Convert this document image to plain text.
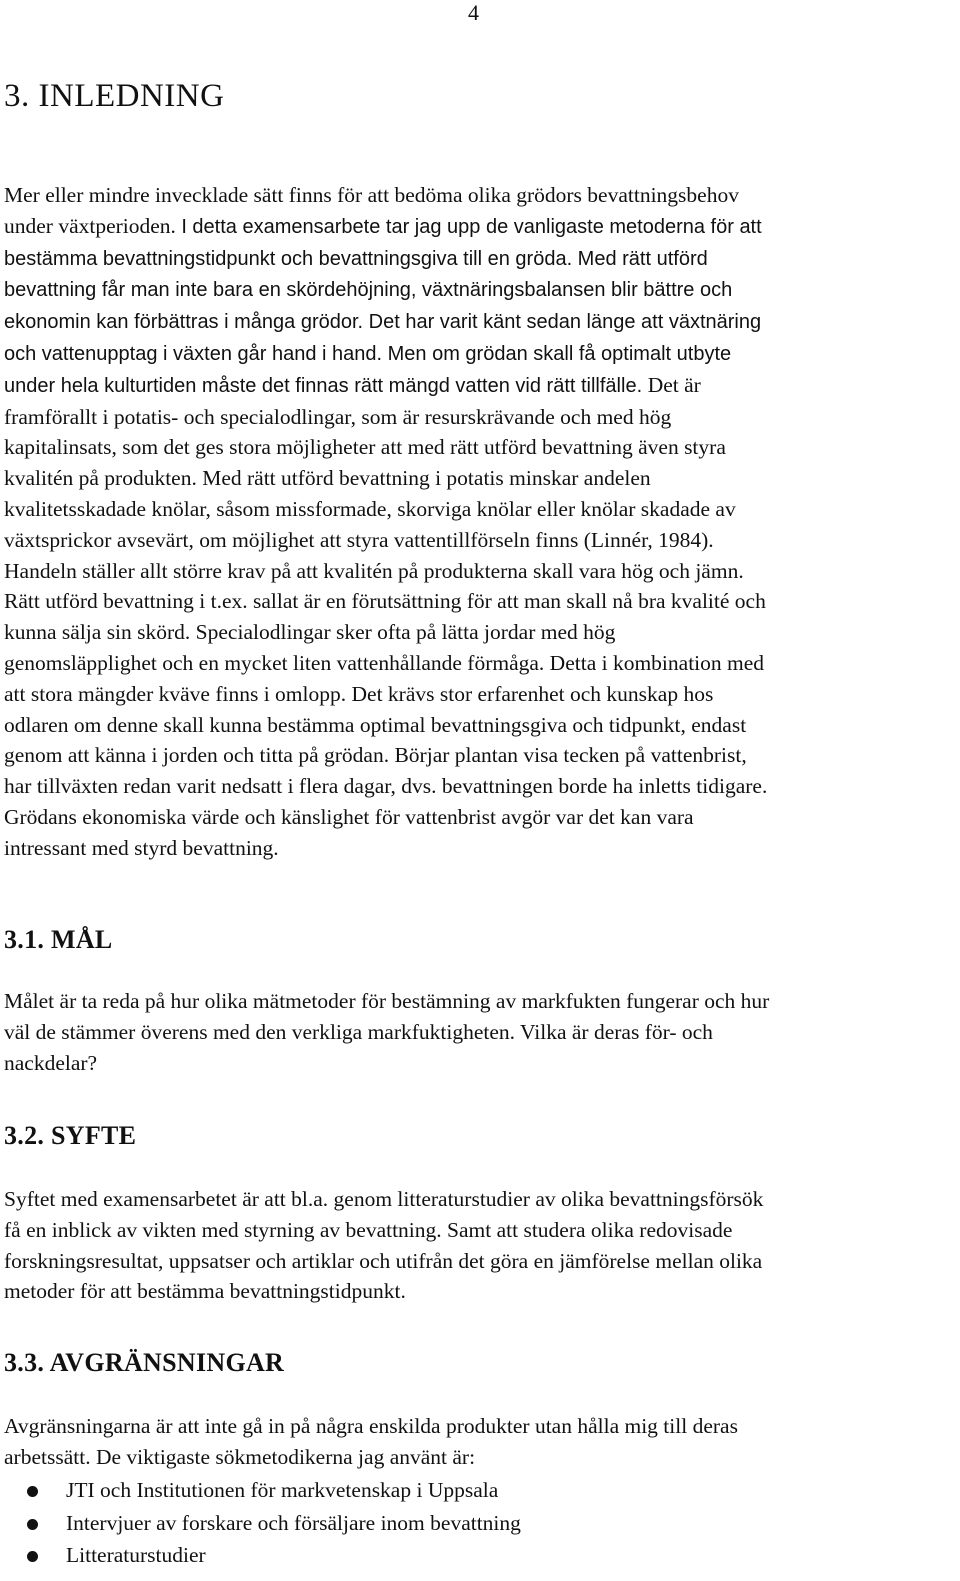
4
3. INLEDNING

Mer eller mindre invecklade sätt finns för att bedöma olika grödors bevattningsbehov
under växtperioden. I detta examensarbete tar jag upp de vanligaste metoderna för att
bestämma bevattningstidpunkt och bevattningsgiva till en gröda. Med rätt utförd
bevattning får man inte bara en skördehöjning, växtnäringsbalansen blir bättre och
ekonomin kan förbättras i många grödor. Det har varit känt sedan länge att växtnäring
och vattenupptag i växten går hand i hand. Men om grödan skall få optimalt utbyte
under hela kulturtiden måste det finnas rätt mängd vatten vid rätt tillfälle. Det är
framförallt i potatis- och specialodlingar, som är resurskrävande och med hög
kapitalinsats, som det ges stora möjligheter att med rätt utförd bevattning även styra
kvalitén på produkten. Med rätt utförd bevattning i potatis minskar andelen
kvalitetsskadade knölar, såsom missformade, skorviga knölar eller knölar skadade av
växtsprickor avsevärt, om möjlighet att styra vattentillförseln finns (Linnér, 1984).
Handeln ställer allt större krav på att kvalitén på produkterna skall vara hög och jämn.
Rätt utförd bevattning i t.ex. sallat är en förutsättning för att man skall nå bra kvalité och
kunna sälja sin skörd. Specialodlingar sker ofta på lätta jordar med hög
genomsläpplighet och en mycket liten vattenhållande förmåga. Detta i kombination med
att stora mängder kväve finns i omlopp. Det krävs stor erfarenhet och kunskap hos
odlaren om denne skall kunna bestämma optimal bevattningsgiva och tidpunkt, endast
genom att känna i jorden och titta på grödan. Börjar plantan visa tecken på vattenbrist,
har tillväxten redan varit nedsatt i flera dagar, dvs. bevattningen borde ha inletts tidigare.
Grödans ekonomiska värde och känslighet för vattenbrist avgör var det kan vara
intressant med styrd bevattning.

3.1. MÅL

Målet är ta reda på hur olika mätmetoder för bestämning av markfukten fungerar och hur
väl de stämmer överens med den verkliga markfuktigheten. Vilka är deras för- och
nackdelar?

3.2. SYFTE

Syftet med examensarbetet är att bl.a. genom litteraturstudier av olika bevattningsförsök
få en inblick av vikten med styrning av bevattning. Samt att studera olika redovisade
forskningsresultat, uppsatser och artiklar och utifrån det göra en jämförelse mellan olika
metoder för att bestämma bevattningstidpunkt.

3.3. AVGRÄNSNINGAR

Avgränsningarna är att inte gå in på några enskilda produkter utan hålla mig till deras
arbetssätt. De viktigaste sökmetodikerna jag använt är:

JTI och Institutionen för markvetenskap i Uppsala
Intervjuer av forskare och försäljare inom bevattning
Litteraturstudier
